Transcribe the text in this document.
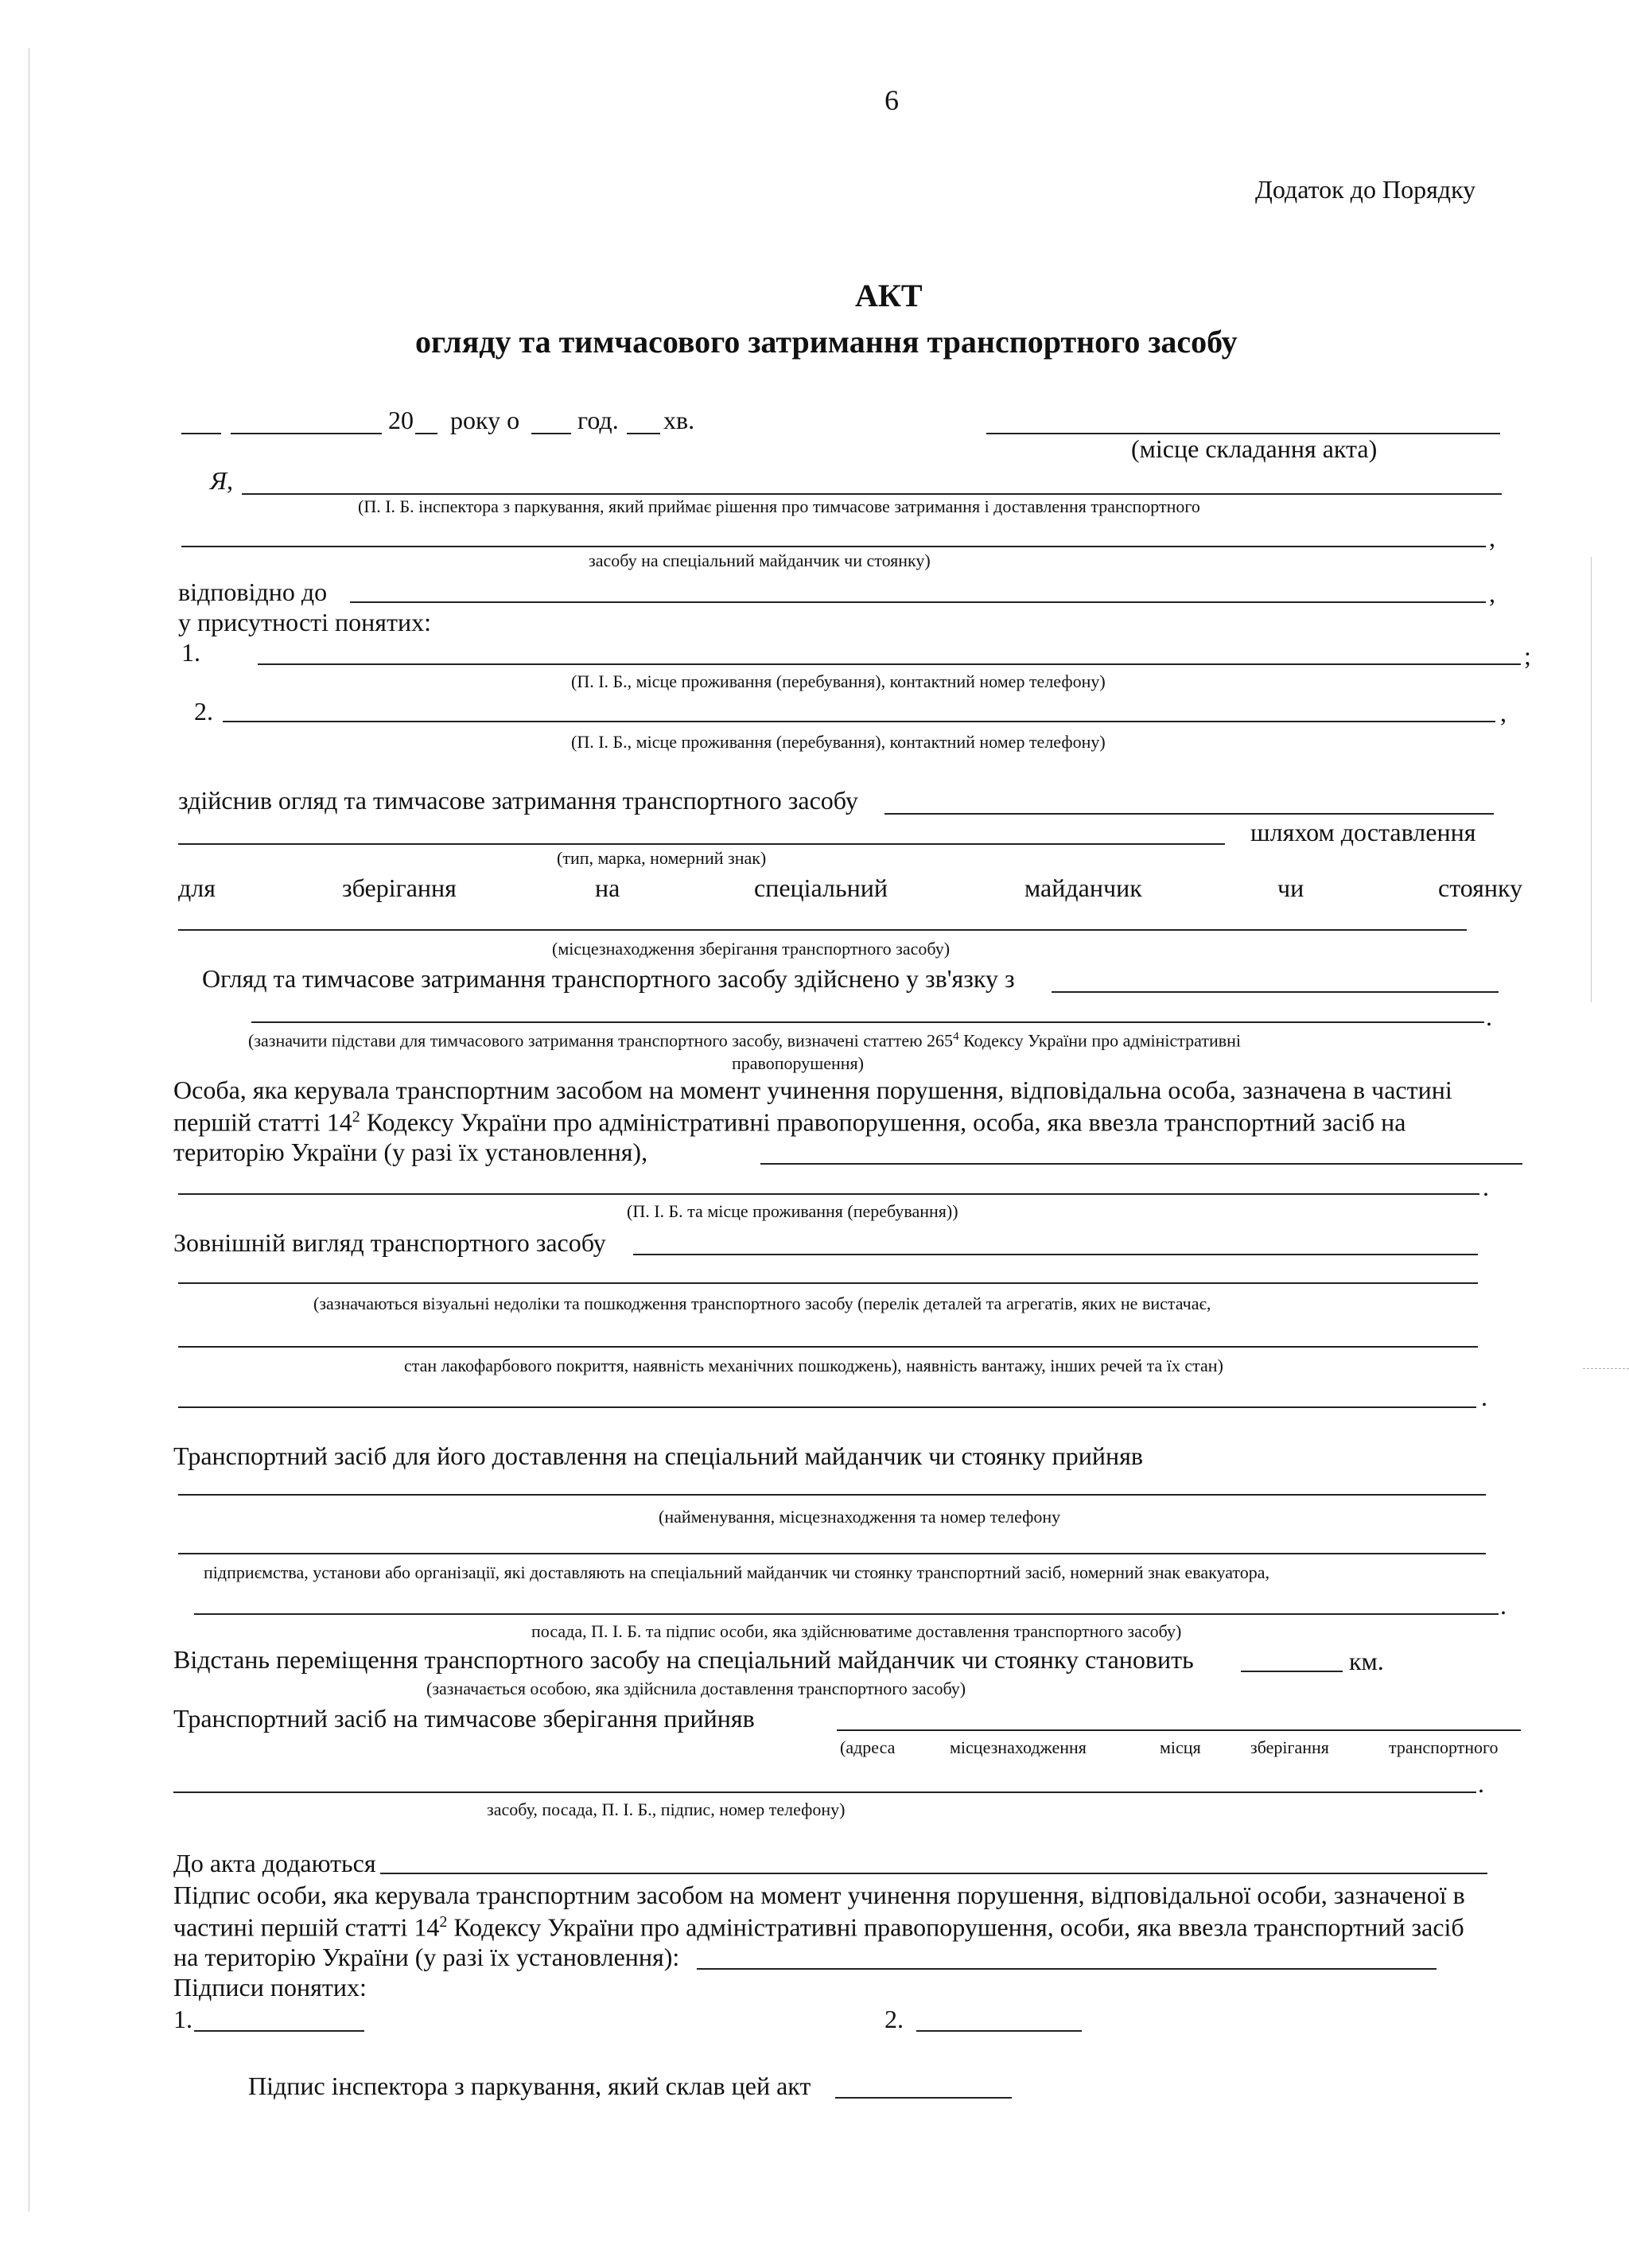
6
Додаток до Порядку
АКТ
огляду та тимчасового затримання транспортного засобу
20 року о год. хв.
(місце складання акта)
Я,
(П. І. Б. інспектора з паркування, який приймає рішення про тимчасове затримання і доставлення транспортного
,
засобу на спеціальний майданчик чи стоянку)
відповідно до	,
у присутності понятих:
1.	;
(П. І. Б., місце проживання (перебування), контактний номер телефону)
2.	,
(П. І. Б., місце проживання (перебування), контактний номер телефону)
здійснив огляд та тимчасове затримання транспортного засобу
шляхом доставлення
(тип, марка, номерний знак)
для	зберігання	на	спеціальний	майданчик	чи	стоянку
(місцезнаходження зберігання транспортного засобу)
Огляд та тимчасове затримання транспортного засобу здійснено у зв'язку з
.
(зазначити підстави для тимчасового затримання транспортного засобу, визначені статтею $265^4$ Кодексу України про адміністративні
правопорушення)
Особа, яка керувала транспортним засобом на момент учинення порушення, відповідальна особа, зазначена в частині
першій статті $14^2$ Кодексу України про адміністративні правопорушення, особа, яка ввезла транспортний засіб на
територію України (у разі їх установлення),
.
(П. І. Б. та місце проживання (перебування))
Зовнішній вигляд транспортного засобу
(зазначаються візуальні недоліки та пошкодження транспортного засобу (перелік деталей та агрегатів, яких не вистачає,
стан лакофарбового покриття, наявність механічних пошкоджень), наявність вантажу, інших речей та їх стан)
.
Транспортний засіб для його доставлення на спеціальний майданчик чи стоянку прийняв
(найменування, місцезнаходження та номер телефону
підприємства, установи або організації, які доставляють на спеціальний майданчик чи стоянку транспортний засіб, номерний знак евакуатора,
.
посада, П. І. Б. та підпис особи, яка здійснюватиме доставлення транспортного засобу)
Відстань переміщення транспортного засобу на спеціальний майданчик чи стоянку становить	км.
(зазначається особою, яка здійснила доставлення транспортного засобу)
Транспортний засіб на тимчасове зберігання прийняв
(адреса	місцезнаходження	місця	зберігання	транспортного
.
засобу, посада, П. І. Б., підпис, номер телефону)
До акта додаються
Підпис особи, яка керувала транспортним засобом на момент учинення порушення, відповідальної особи, зазначеної в
частині першій статті $14^2$ Кодексу України про адміністративні правопорушення, особи, яка ввезла транспортний засіб
на територію України (у разі їх установлення):
Підписи понятих:
1.	2.
Підпис інспектора з паркування, який склав цей акт
